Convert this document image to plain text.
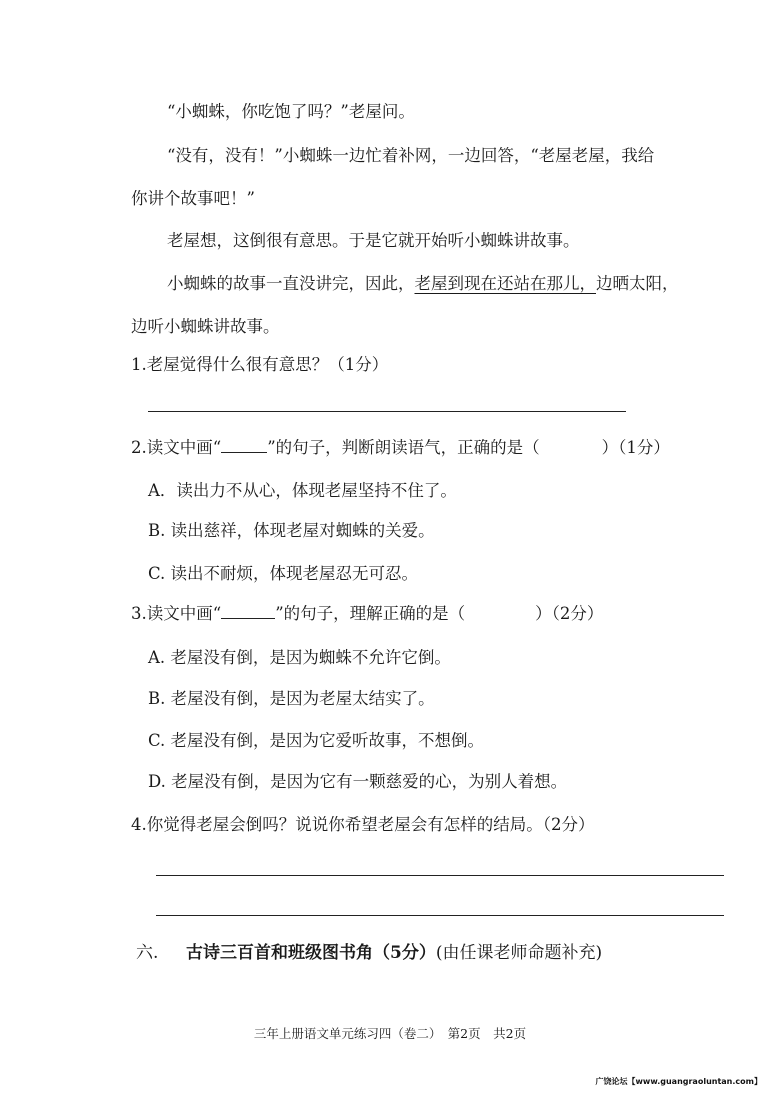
“小蜘蛛，你吃饱了吗？”老屋问。

“没有，没有！”小蜘蛛一边忙着补网，一边回答，“老屋老屋，我给

你讲个故事吧！”

老屋想，这倒很有意思。于是它就开始听小蜘蛛讲故事。

小蜘蛛的故事一直没讲完，因此，老屋到现在还站在那儿，边晒太阳，

边听小蜘蛛讲故事。

1.老屋觉得什么很有意思？（1分）

2.读文中画“	”的句子，判断朗读语气，正确的是（	）（1分）

A．读出力不从心，体现老屋坚持不住了。

B. 读出慈祥，体现老屋对蜘蛛的关爱。

C. 读出不耐烦，体现老屋忍无可忍。

3.读文中画“	”的句子，理解正确的是（	）（2分）

A. 老屋没有倒，是因为蜘蛛不允许它倒。

B. 老屋没有倒，是因为老屋太结实了。

C. 老屋没有倒，是因为它爱听故事，不想倒。

D. 老屋没有倒，是因为它有一颗慈爱的心，为别人着想。

4.你觉得老屋会倒吗？说说你希望老屋会有怎样的结局。（2分）

六. 古诗三百首和班级图书角（5分）(由任课老师命题补充)
三年上册语文单元练习四（卷二）　第2页　共2页
广饶论坛【www.guangraoluntan.com】
